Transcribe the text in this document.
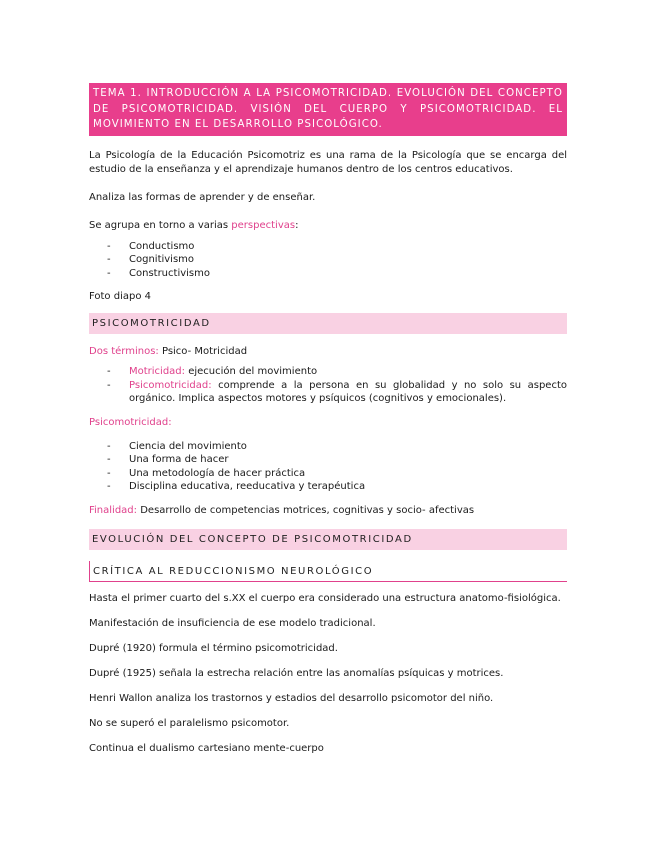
TEMA 1. INTRODUCCIÓN A LA PSICOMOTRICIDAD. EVOLUCIÓN DEL CONCEPTO DE PSICOMOTRICIDAD. VISIÓN DEL CUERPO Y PSICOMOTRICIDAD. EL MOVIMIENTO EN EL DESARROLLO PSICOLÓGICO.

La Psicología de la Educación Psicomotriz es una rama de la Psicología que se encarga del estudio de la enseñanza y el aprendizaje humanos dentro de los centros educativos.

Analiza las formas de aprender y de enseñar.

Se agrupa en torno a varias perspectivas:

- Conductismo
- Cognitivismo
- Constructivismo

Foto diapo 4

PSICOMOTRICIDAD

Dos términos: Psico- Motricidad

- Motricidad: ejecución del movimiento
- Psicomotricidad: comprende a la persona en su globalidad y no solo su aspecto orgánico. Implica aspectos motores y psíquicos (cognitivos y emocionales).

Psicomotricidad:

- Ciencia del movimiento
- Una forma de hacer
- Una metodología de hacer práctica
- Disciplina educativa, reeducativa y terapéutica

Finalidad: Desarrollo de competencias motrices, cognitivas y socio- afectivas

EVOLUCIÓN DEL CONCEPTO DE PSICOMOTRICIDAD
CRÍTICA AL REDUCCIONISMO NEUROLÓGICO

Hasta el primer cuarto del s.XX el cuerpo era considerado una estructura anatomo-fisiológica.

Manifestación de insuficiencia de ese modelo tradicional.

Dupré (1920) formula el término psicomotricidad.

Dupré (1925) señala la estrecha relación entre las anomalías psíquicas y motrices.

Henri Wallon analiza los trastornos y estadios del desarrollo psicomotor del niño.

No se superó el paralelismo psicomotor.

Continua el dualismo cartesiano mente-cuerpo
